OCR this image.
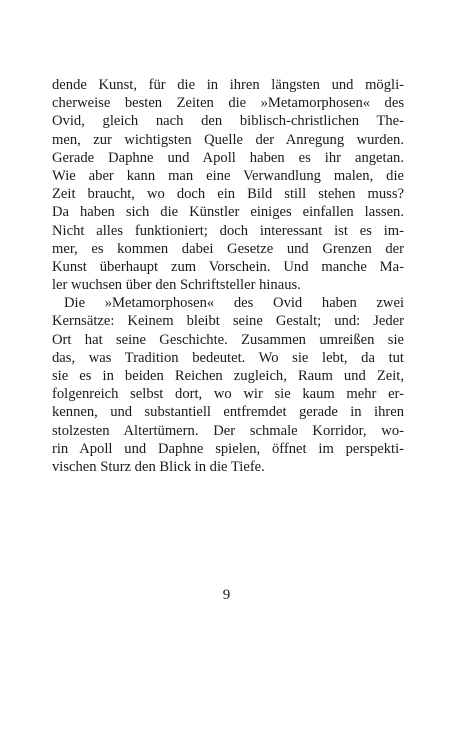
dende Kunst, für die in ihren längsten und mögli-
cherweise besten Zeiten die »Metamorphosen« des
Ovid, gleich nach den biblisch-christlichen The-
men, zur wichtigsten Quelle der Anregung wurden.
Gerade Daphne und Apoll haben es ihr angetan.
Wie aber kann man eine Verwandlung malen, die
Zeit braucht, wo doch ein Bild still stehen muss?
Da haben sich die Künstler einiges einfallen lassen.
Nicht alles funktioniert; doch interessant ist es im-
mer, es kommen dabei Gesetze und Grenzen der
Kunst überhaupt zum Vorschein. Und manche Ma-
ler wuchsen über den Schriftsteller hinaus.
Die »Metamorphosen« des Ovid haben zwei
Kernsätze: Keinem bleibt seine Gestalt; und: Jeder
Ort hat seine Geschichte. Zusammen umreißen sie
das, was Tradition bedeutet. Wo sie lebt, da tut
sie es in beiden Reichen zugleich, Raum und Zeit,
folgenreich selbst dort, wo wir sie kaum mehr er-
kennen, und substantiell entfremdet gerade in ihren
stolzesten Altertümern. Der schmale Korridor, wo-
rin Apoll und Daphne spielen, öffnet im perspekti-
vischen Sturz den Blick in die Tiefe.
9
